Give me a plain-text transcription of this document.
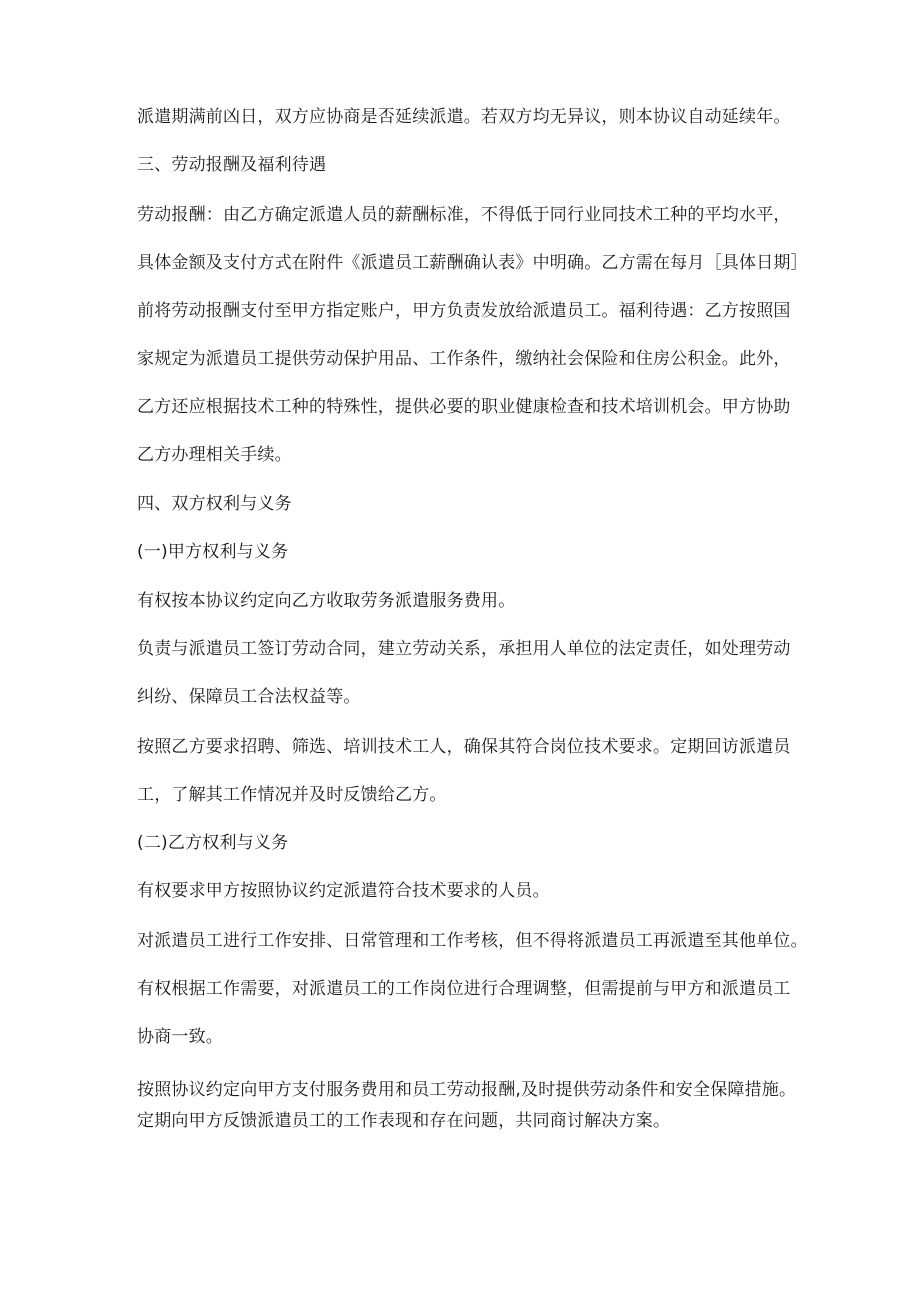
派遣期满前凶日，双方应协商是否延续派遣。若双方均无异议，则本协议自动延续年。
三、劳动报酬及福利待遇
劳动报酬：由乙方确定派遣人员的薪酬标准，不得低于同行业同技术工种的平均水平，
具体金额及支付方式在附件《派遣员工薪酬确认表》中明确。乙方需在每月［具体日期］
前将劳动报酬支付至甲方指定账户，甲方负责发放给派遣员工。福利待遇：乙方按照国
家规定为派遣员工提供劳动保护用品、工作条件，缴纳社会保险和住房公积金。此外，
乙方还应根据技术工种的特殊性，提供必要的职业健康检查和技术培训机会。甲方协助
乙方办理相关手续。
四、双方权利与义务
(一)甲方权利与义务
有权按本协议约定向乙方收取劳务派遣服务费用。
负责与派遣员工签订劳动合同，建立劳动关系，承担用人单位的法定责任，如处理劳动
纠纷、保障员工合法权益等。
按照乙方要求招聘、筛选、培训技术工人，确保其符合岗位技术要求。定期回访派遣员
工，了解其工作情况并及时反馈给乙方。
(二)乙方权利与义务
有权要求甲方按照协议约定派遣符合技术要求的人员。
对派遣员工进行工作安排、日常管理和工作考核，但不得将派遣员工再派遣至其他单位。
有权根据工作需要，对派遣员工的工作岗位进行合理调整，但需提前与甲方和派遣员工
协商一致。
按照协议约定向甲方支付服务费用和员工劳动报酬,及时提供劳动条件和安全保障措施。
定期向甲方反馈派遣员工的工作表现和存在问题，共同商讨解决方案。
